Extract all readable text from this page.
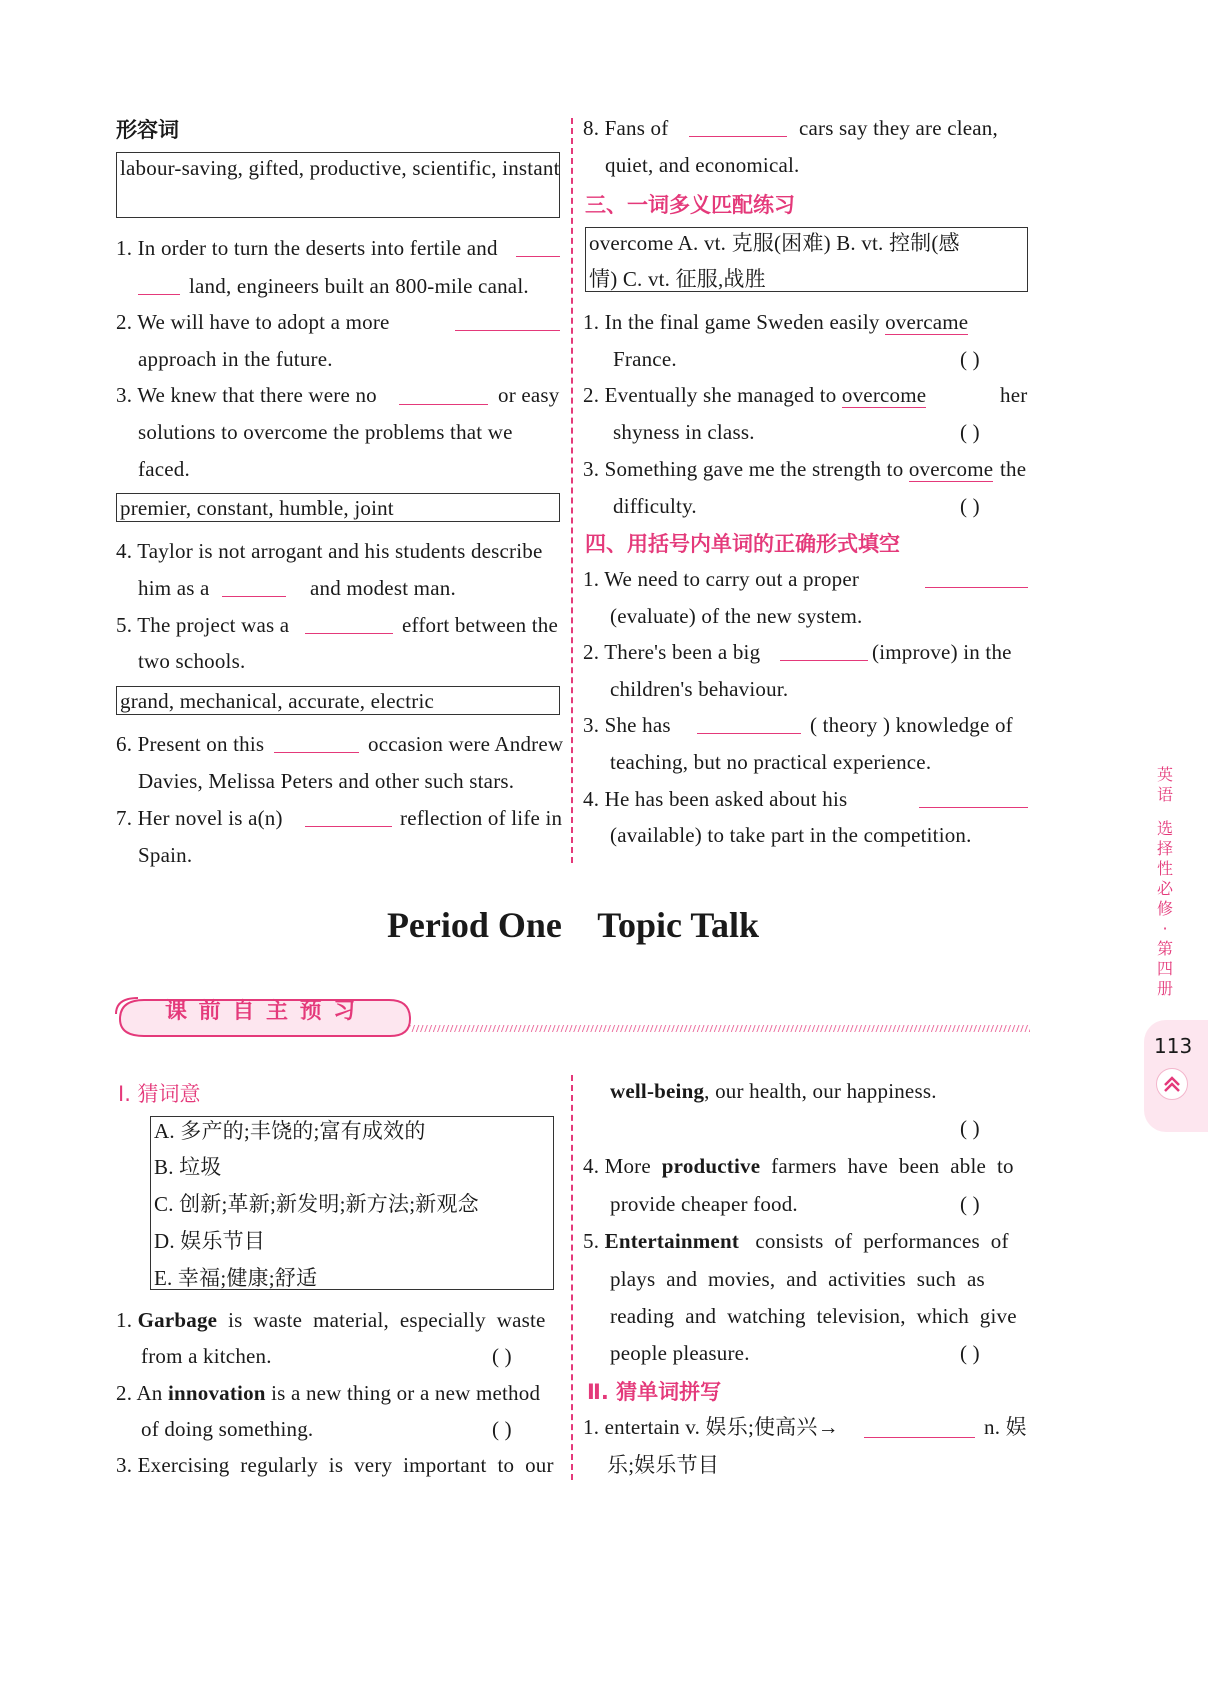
形容词
labour-saving, gifted, productive, scientific, instant
1. In order to turn the deserts into fertile and
land, engineers built an 800-mile canal.
2. We will have to adopt a more
approach in the future.
3. We knew that there were no	or easy
solutions to overcome the problems that we
faced.
premier, constant, humble, joint
4. Taylor is not arrogant and his students describe
him as a	and modest man.
5. The project was a	effort between the
two schools.
grand, mechanical, accurate, electric
6. Present on this	occasion were Andrew
Davies, Melissa Peters and other such stars.
7. Her novel is a(n)	reflection of life in
Spain.
8. Fans of	cars say they are clean,
quiet, and economical.
三、一词多义匹配练习
overcome A. vt. 克服(困难) B. vt. 控制(感
情) C. vt. 征服,战胜
1. In the final game Sweden easily overcame
France.	( )
2. Eventually she managed to overcome	her
shyness in class.	( )
3. Something gave me the strength to overcome the
difficulty.	( )
四、用括号内单词的正确形式填空
1. We need to carry out a proper
(evaluate) of the new system.
2. There's been a big	(improve) in the
children's behaviour.
3. She has	( theory ) knowledge of
teaching, but no practical experience.
4. He has been asked about his
(available) to take part in the competition.
Period One    Topic Talk
课 前 自 主 预 习
英
语
选
择
性
必
修
·
第
四
册
113
Ⅰ. 猜词意
A. 多产的;丰饶的;富有成效的
B. 垃圾
C. 创新;革新;新发明;新方法;新观念
D. 娱乐节目
E. 幸福;健康;舒适
1. Garbage is  waste  material,  especially  waste
from a kitchen.	( )
2. An innovation is a new thing or a new method
of doing something.	( )
3. Exercising  regularly  is  very  important  to  our
well-being, our health, our happiness.
( )
4. More productive farmers  have  been  able  to
provide cheaper food.	( )
5. Entertainment consists  of  performances  of
plays  and  movies,  and  activities  such  as
reading  and  watching  television,  which  give
people pleasure.	( )
Ⅱ. 猜单词拼写
1. entertain v. 娱乐;使高兴→	n. 娱
乐;娱乐节目
